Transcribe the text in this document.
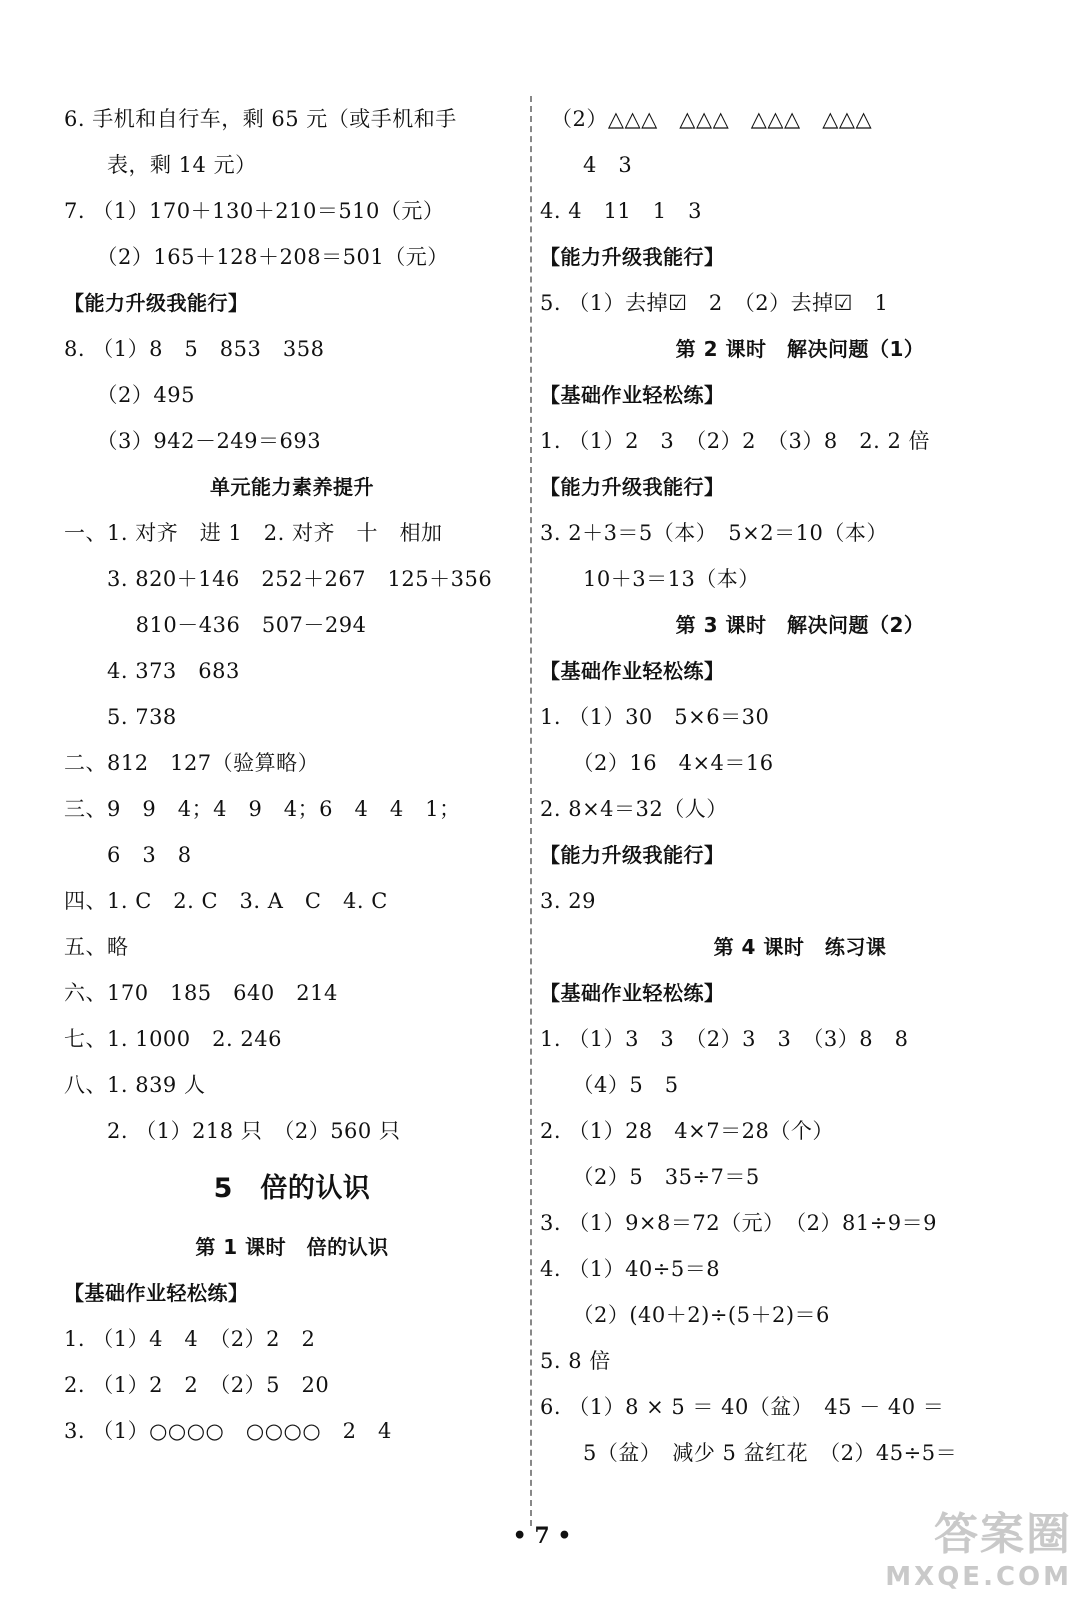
6. 手机和自行车，剩 65 元（或手机和手
　　表，剩 14 元）
7. （1）170＋130＋210＝510（元）
　　（2）165＋128＋208＝501（元）
【能力升级我能行】
8. （1）8　5　853　358
　　（2）495
　　（3）942－249＝693
单元能力素养提升
一、1. 对齐　进 1　2. 对齐　十　相加
　　3. 820＋146　252＋267　125＋356
　　　 810－436　507－294
　　4. 373　683
　　5. 738
二、812　127（验算略）
三、9　9　4；4　9　4；6　4　4　1；
　　6　3　8
四、1. C　2. C　3. A　C　4. C
五、略
六、170　185　640　214
七、1. 1000　2. 246
八、1. 839 人
　　2. （1）218 只　（2）560 只
5　倍的认识
第 1 课时　倍的认识
【基础作业轻松练】
1. （1）4　4　（2）2　2
2. （1）2　2　（2）5　20
3. （1）○○○○　○○○○　2　4
　（2）△△△　△△△　△△△　△△△
　　4　3
4. 4　11　1　3
【能力升级我能行】
5. （1）去掉☑　2　（2）去掉☑　1
第 2 课时　解决问题（1）
【基础作业轻松练】
1. （1）2　3　（2）2　（3）8　2. 2 倍
【能力升级我能行】
3. 2＋3＝5（本）　5×2＝10（本）
　　10＋3＝13（本）
第 3 课时　解决问题（2）
【基础作业轻松练】
1. （1）30　5×6＝30
　　（2）16　4×4＝16
2. 8×4＝32（人）
【能力升级我能行】
3. 29
第 4 课时　练习课
【基础作业轻松练】
1. （1）3　3　（2）3　3　（3）8　8
　　（4）5　5
2. （1）28　4×7＝28（个）
　　（2）5　35÷7＝5
3. （1）9×8＝72（元）　（2）81÷9＝9
4. （1）40÷5＝8
　　（2）(40＋2)÷(5＋2)＝6
5. 8 倍
6. （1）8 × 5 ＝ 40（盆）　45 － 40 ＝
　　5（盆）　减少 5 盆红花　（2）45÷5＝
• 7 •	答案圈
MXQE.COM
